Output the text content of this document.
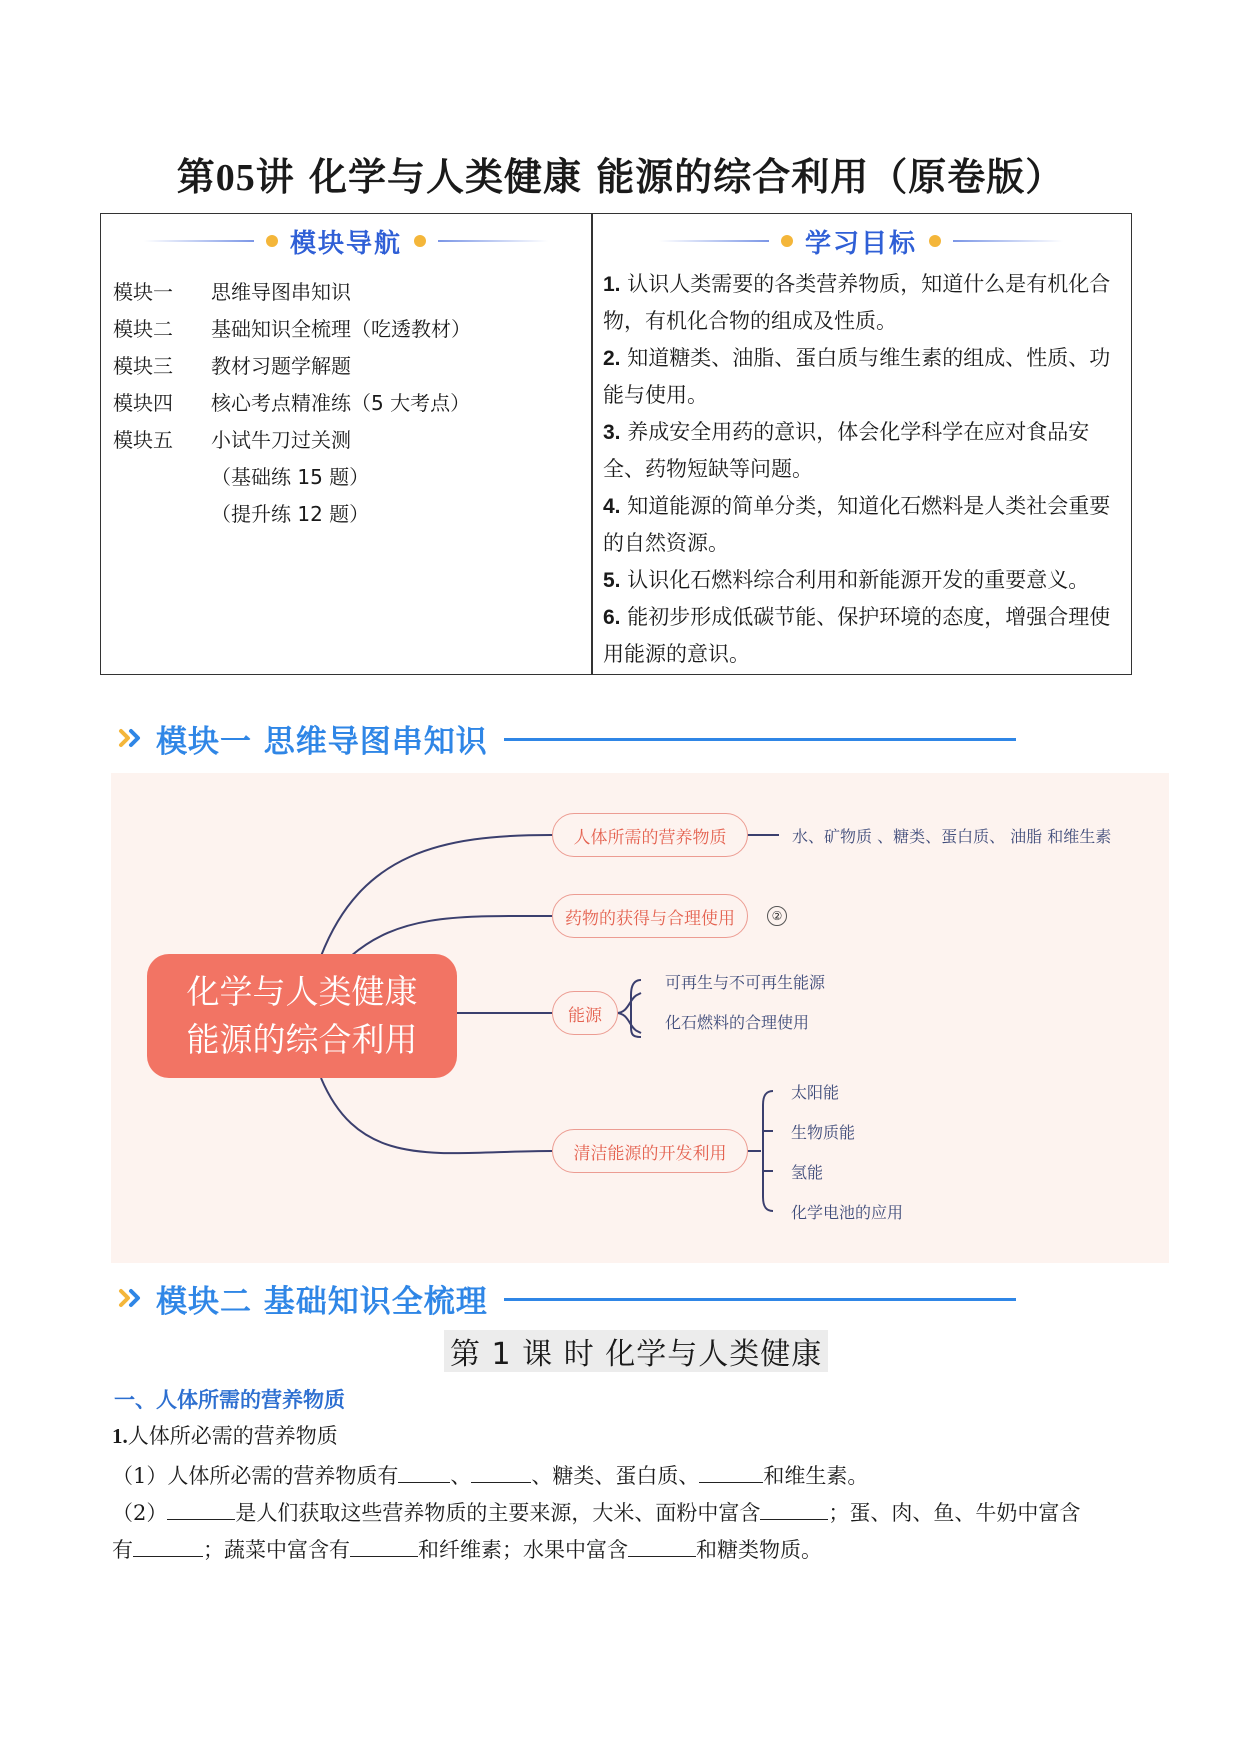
第05讲 化学与人类健康 能源的综合利用（原卷版）
模块导航
模块一	思维导图串知识
模块二	基础知识全梳理（吃透教材）
模块三	教材习题学解题
模块四	核心考点精准练（5 大考点）
模块五	小试牛刀过关测
（基础练 15 题）
（提升练 12 题）
学习目标

1. 认识人类需要的各类营养物质，知道什么是有机化合物，有机化合物的组成及性质。

2. 知道糖类、油脂、蛋白质与维生素的组成、性质、功能与使用。

3. 养成安全用药的意识，体会化学科学在应对食品安全、药物短缺等问题。

4. 知道能源的简单分类，知道化石燃料是人类社会重要的自然资源。

5. 认识化石燃料综合利用和新能源开发的重要意义。

6. 能初步形成低碳节能、保护环境的态度，增强合理使用能源的意识。

模块一 思维导图串知识
化学与人类健康
能源的综合利用
人体所需的营养物质	水、矿物质 、糖类、蛋白质、 油脂 和维生素
药物的获得与合理使用	②
能源
可再生与不可再生能源
化石燃料的合理使用
清洁能源的开发利用
太阳能
生物质能
氢能
化学电池的应用
模块二 基础知识全梳理
第 1 课 时 化学与人类健康
一、人体所需的营养物质
1.人体所必需的营养物质
（1）人体所必需的营养物质有 、	、糖类、蛋白质、	和维生素。
（2）	是人们获取这些营养物质的主要来源，大米、面粉中富含	；蛋、肉、鱼、牛奶中富含
有	；蔬菜中富含有	和纤维素；水果中富含	和糖类物质。
